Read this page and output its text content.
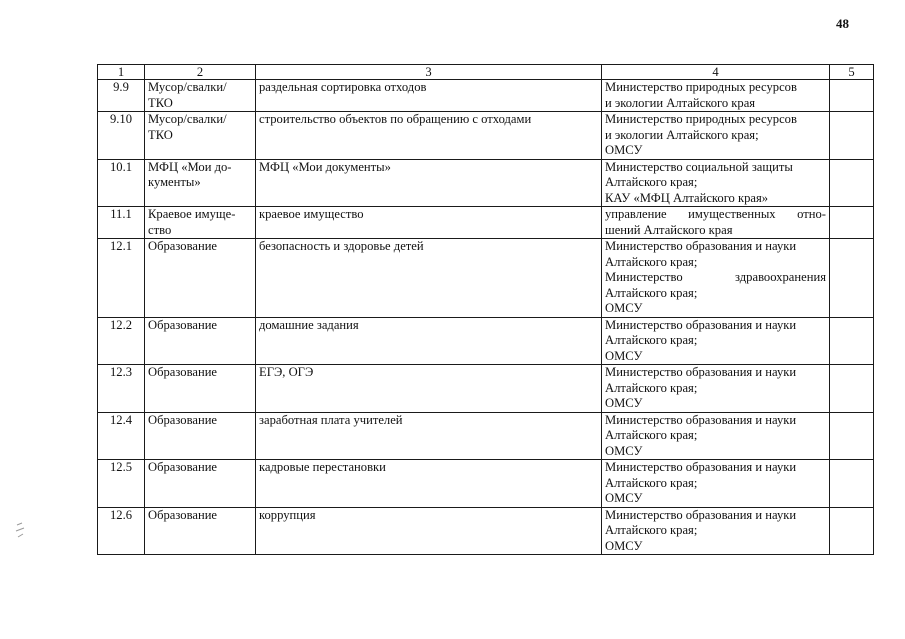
48
1	2	3	4	5
9.9	Мусор/свалки/
ТКО	раздельная сортировка отходов	Министерство природных ресурсов
и экологии Алтайского края	

9.10	Мусор/свалки/
ТКО	строительство объектов по обращению с отходами	Министерство природных ресурсов
и экологии Алтайского края;
ОМСУ	

10.1	МФЦ «Мои до-
кументы»	МФЦ «Мои документы»	Министерство социальной защиты
Алтайского края;
КАУ «МФЦ Алтайского края»	

11.1	Краевое имуще-
ство	краевое имущество	управление имущественных отно-
шений Алтайского края	

12.1	Образование	безопасность и здоровье детей	Министерство образования и науки
Алтайского края;
Министерство здравоохранения
Алтайского края;
ОМСУ	

12.2	Образование	домашние задания	Министерство образования и науки
Алтайского края;
ОМСУ	

12.3	Образование	ЕГЭ, ОГЭ	Министерство образования и науки
Алтайского края;
ОМСУ	

12.4	Образование	заработная плата учителей	Министерство образования и науки
Алтайского края;
ОМСУ	

12.5	Образование	кадровые перестановки	Министерство образования и науки
Алтайского края;
ОМСУ	

12.6	Образование	коррупция	Министерство образования и науки
Алтайского края;
ОМСУ	
